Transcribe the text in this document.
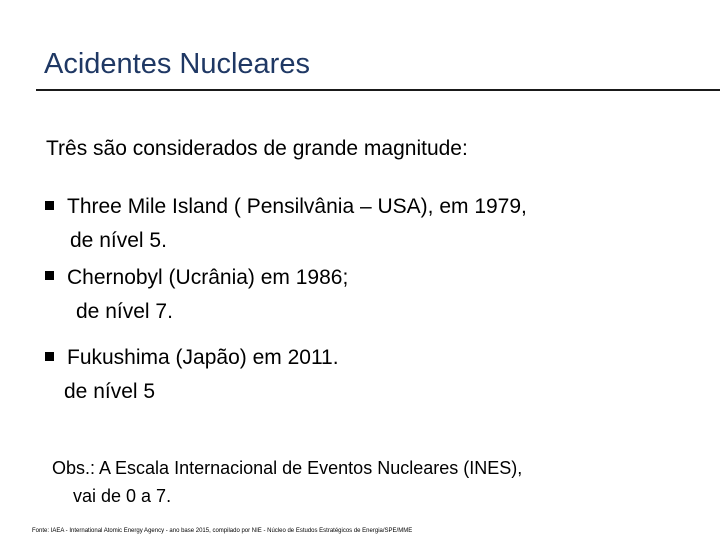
Acidentes Nucleares
Três são considerados de grande magnitude:
Three Mile Island ( Pensilvânia – USA), em 1979,
de nível 5.
Chernobyl (Ucrânia) em 1986;
de nível 7.
Fukushima (Japão) em 2011.
de nível 5
Obs.: A Escala Internacional de Eventos Nucleares (INES),
vai de 0 a 7.
Fonte: IAEA - International Atomic Energy Agency - ano base 2015, compilado por NIE - Núcleo de Estudos Estratégicos de Energia/SPE/MME
